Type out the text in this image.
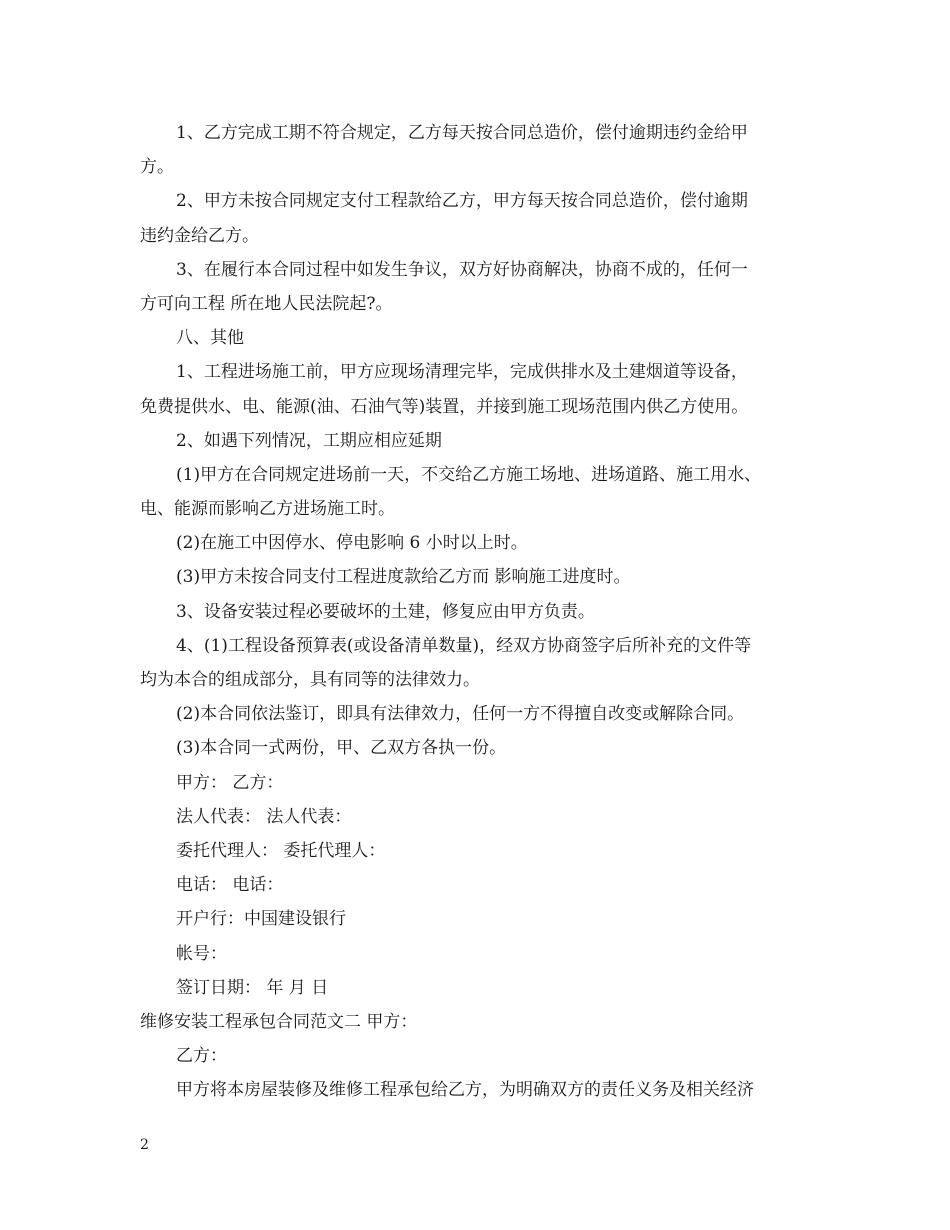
1、乙方完成工期不符合规定，乙方每天按合同总造价，偿付逾期违约金给甲
方。
2、甲方未按合同规定支付工程款给乙方，甲方每天按合同总造价，偿付逾期
违约金给乙方。
3、在履行本合同过程中如发生争议，双方好协商解决，协商不成的，任何一
方可向工程 所在地人民法院起?。
八、其他
1、工程进场施工前，甲方应现场清理完毕，完成供排水及土建烟道等设备，
免费提供水、电、能源(油、石油气等)装置，并接到施工现场范围内供乙方使用。
2、如遇下列情况，工期应相应延期
(1)甲方在合同规定进场前一天，不交给乙方施工场地、进场道路、施工用水、
电、能源而影响乙方进场施工时。
(2)在施工中因停水、停电影响 6 小时以上时。
(3)甲方未按合同支付工程进度款给乙方而 影响施工进度时。
3、设备安装过程必要破坏的土建，修复应由甲方负责。
4、(1)工程设备预算表(或设备清单数量)，经双方协商签字后所补充的文件等
均为本合的组成部分，具有同等的法律效力。
(2)本合同依法鉴订，即具有法律效力，任何一方不得擅自改变或解除合同。
(3)本合同一式两份，甲、乙双方各执一份。
甲方： 乙方：
法人代表： 法人代表：
委托代理人： 委托代理人：
电话： 电话：
开户行：中国建设银行
帐号：
签订日期： 年 月 日
维修安装工程承包合同范文二 甲方：
乙方：
甲方将本房屋装修及维修工程承包给乙方，为明确双方的责任义务及相关经济
2
